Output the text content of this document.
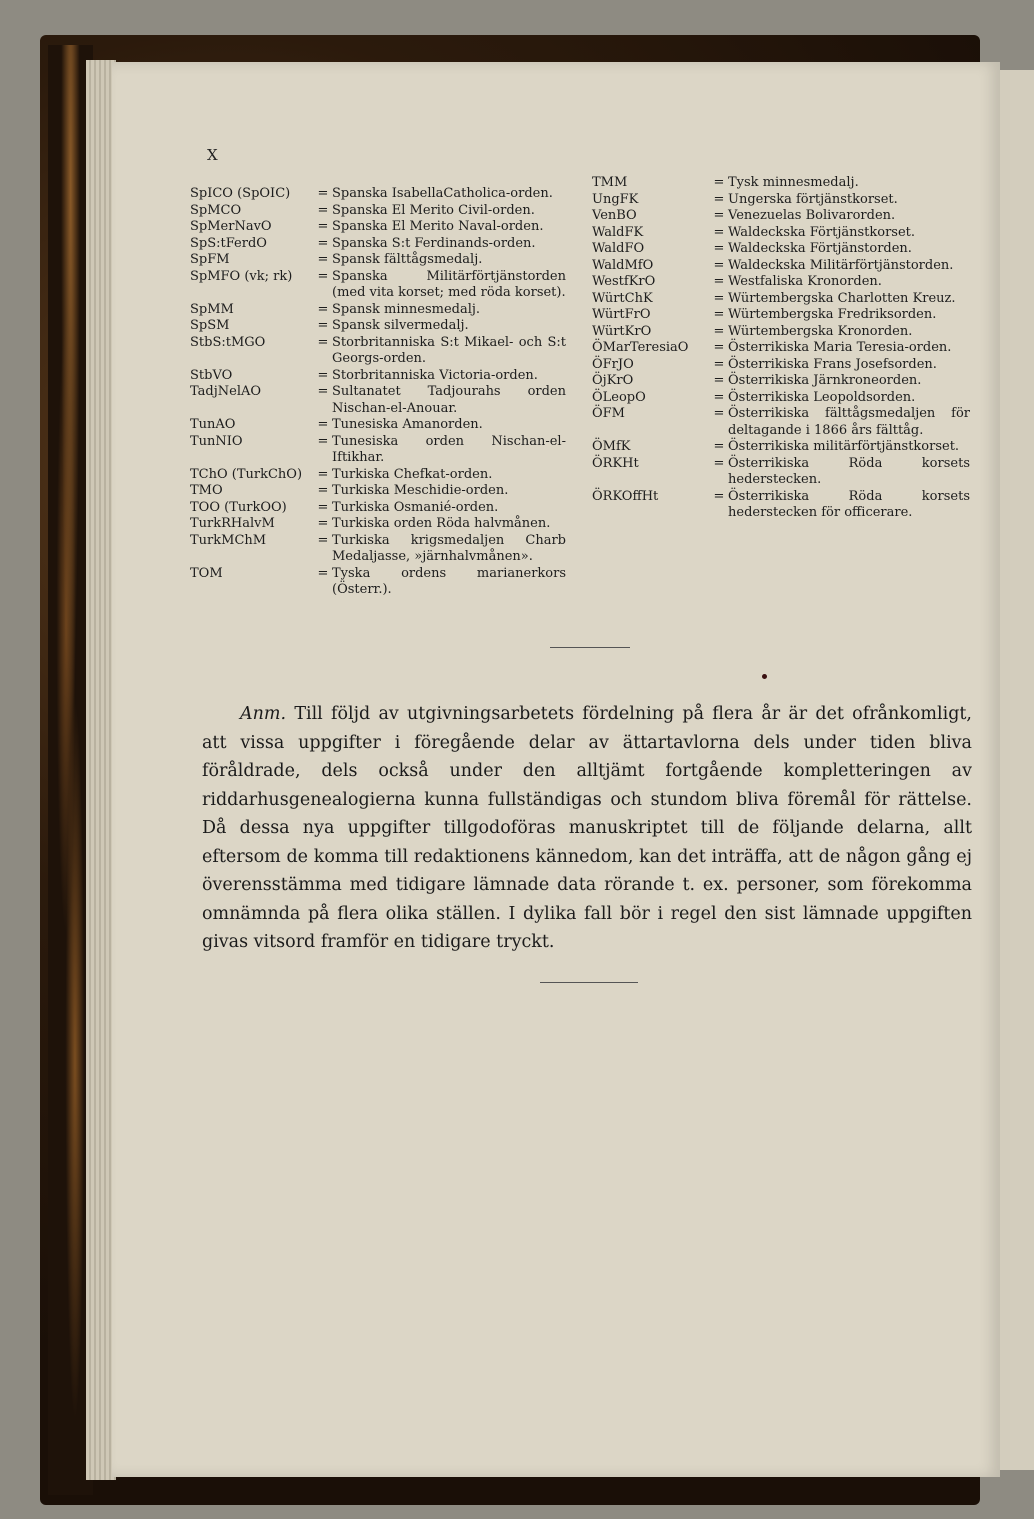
X
SpICO (SpOIC)	= Spanska IsabellaCatholica-orden.
SpMCO	= Spanska El Merito Civil-orden.
SpMerNavO	= Spanska El Merito Naval-orden.
SpS:tFerdO	= Spanska S:t Ferdinands-orden.
SpFM	= Spansk fälttågsmedalj.
SpMFO (vk; rk)	= Spanska Militärförtjänstorden (med vita korset; med röda korset).
SpMM	= Spansk minnesmedalj.
SpSM	= Spansk silvermedalj.
StbS:tMGO	= Storbritanniska S:t Mikael- och S:t Georgs-orden.
StbVO	= Storbritanniska Victoria-orden.
TadjNelAO	= Sultanatet Tadjourahs orden Nischan-el-Anouar.
TunAO	= Tunesiska Amanorden.
TunNIO	= Tunesiska orden Nischan-el-Iftikhar.
TChO (TurkChO)	= Turkiska Chefkat-orden.
TMO	= Turkiska Meschidie-orden.
TOO (TurkOO)	= Turkiska Osmanié-orden.
TurkRHalvM	= Turkiska orden Röda halvmånen.
TurkMChM	= Turkiska krigsmedaljen Charb Medaljasse, »järnhalvmånen».
TOM	= Tyska ordens marianerkors (Österr.).
TMM	= Tysk minnesmedalj.
UngFK	= Ungerska förtjänstkorset.
VenBO	= Venezuelas Bolivarorden.
WaldFK	= Waldeckska Förtjänstkorset.
WaldFO	= Waldeckska Förtjänstorden.
WaldMfO	= Waldeckska Militärförtjänstorden.
WestfKrO	= Westfaliska Kronorden.
WürtChK	= Würtembergska Charlotten Kreuz.
WürtFrO	= Würtembergska Fredriksorden.
WürtKrO	= Würtembergska Kronorden.
ÖMarTeresiaO	= Österrikiska Maria Teresia-orden.
ÖFrJO	= Österrikiska Frans Josefsorden.
ÖjKrO	= Österrikiska Järnkroneorden.
ÖLeopO	= Österrikiska Leopoldsorden.
ÖFM	= Österrikiska fälttågsmedaljen för deltagande i 1866 års fälttåg.
ÖMfK	= Österrikiska militärförtjänstkorset.
ÖRKHt	= Österrikiska Röda korsets hederstecken.
ÖRKOffHt	= Österrikiska Röda korsets hederstecken för officerare.
Anm. Till följd av utgivningsarbetets fördelning på flera år är det ofrånkomligt, att vissa uppgifter i föregående delar av ättartavlorna dels under tiden bliva föråldrade, dels också under den alltjämt fortgående kompletteringen av riddarhusgenealogierna kunna fullständigas och stundom bliva föremål för rättelse. Då dessa nya uppgifter tillgodoföras manuskriptet till de följande delarna, allt eftersom de komma till redaktionens kännedom, kan det inträffa, att de någon gång ej överensstämma med tidigare lämnade data rörande t. ex. personer, som förekomma omnämnda på flera olika ställen. I dylika fall bör i regel den sist lämnade uppgiften givas vitsord framför en tidigare tryckt.
